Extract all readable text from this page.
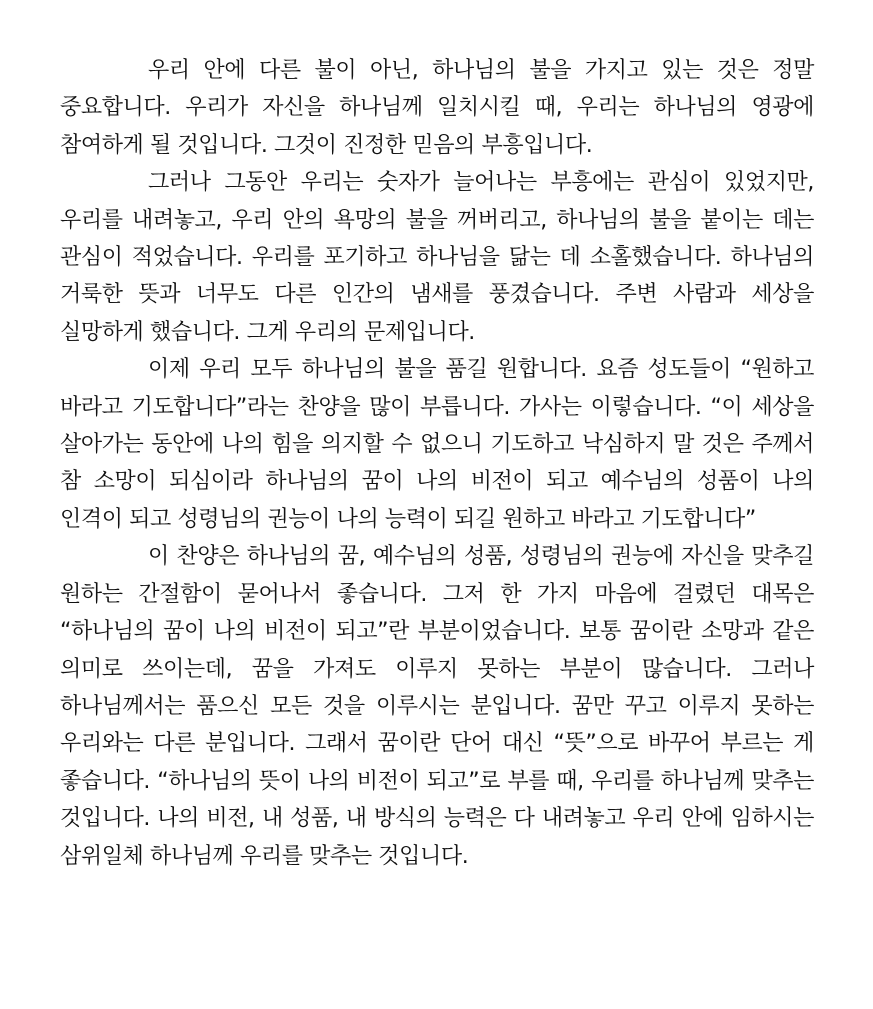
우리 안에 다른 불이 아닌, 하나님의 불을 가지고 있는 것은 정말 중요합니다. 우리가 자신을 하나님께 일치시킬 때, 우리는 하나님의 영광에 참여하게 될 것입니다. 그것이 진정한 믿음의 부흥입니다.

그러나 그동안 우리는 숫자가 늘어나는 부흥에는 관심이 있었지만, 우리를 내려놓고, 우리 안의 욕망의 불을 꺼버리고, 하나님의 불을 붙이는 데는 관심이 적었습니다. 우리를 포기하고 하나님을 닮는 데 소홀했습니다. 하나님의 거룩한 뜻과 너무도 다른 인간의 냄새를 풍겼습니다. 주변 사람과 세상을 실망하게 했습니다. 그게 우리의 문제입니다.

이제 우리 모두 하나님의 불을 품길 원합니다. 요즘 성도들이 “원하고 바라고 기도합니다”라는 찬양을 많이 부릅니다. 가사는 이렇습니다. “이 세상을 살아가는 동안에 나의 힘을 의지할 수 없으니 기도하고 낙심하지 말 것은 주께서 참 소망이 되심이라 하나님의 꿈이 나의 비전이 되고 예수님의 성품이 나의 인격이 되고 성령님의 권능이 나의 능력이 되길 원하고 바라고 기도합니다”

이 찬양은 하나님의 꿈, 예수님의 성품, 성령님의 권능에 자신을 맞추길 원하는 간절함이 묻어나서 좋습니다. 그저 한 가지 마음에 걸렸던 대목은 “하나님의 꿈이 나의 비전이 되고”란 부분이었습니다. 보통 꿈이란 소망과 같은 의미로 쓰이는데, 꿈을 가져도 이루지 못하는 부분이 많습니다. 그러나 하나님께서는 품으신 모든 것을 이루시는 분입니다. 꿈만 꾸고 이루지 못하는 우리와는 다른 분입니다. 그래서 꿈이란 단어 대신 “뜻”으로 바꾸어 부르는 게 좋습니다. “하나님의 뜻이 나의 비전이 되고”로 부를 때, 우리를 하나님께 맞추는 것입니다. 나의 비전, 내 성품, 내 방식의 능력은 다 내려놓고 우리 안에 임하시는 삼위일체 하나님께 우리를 맞추는 것입니다.
